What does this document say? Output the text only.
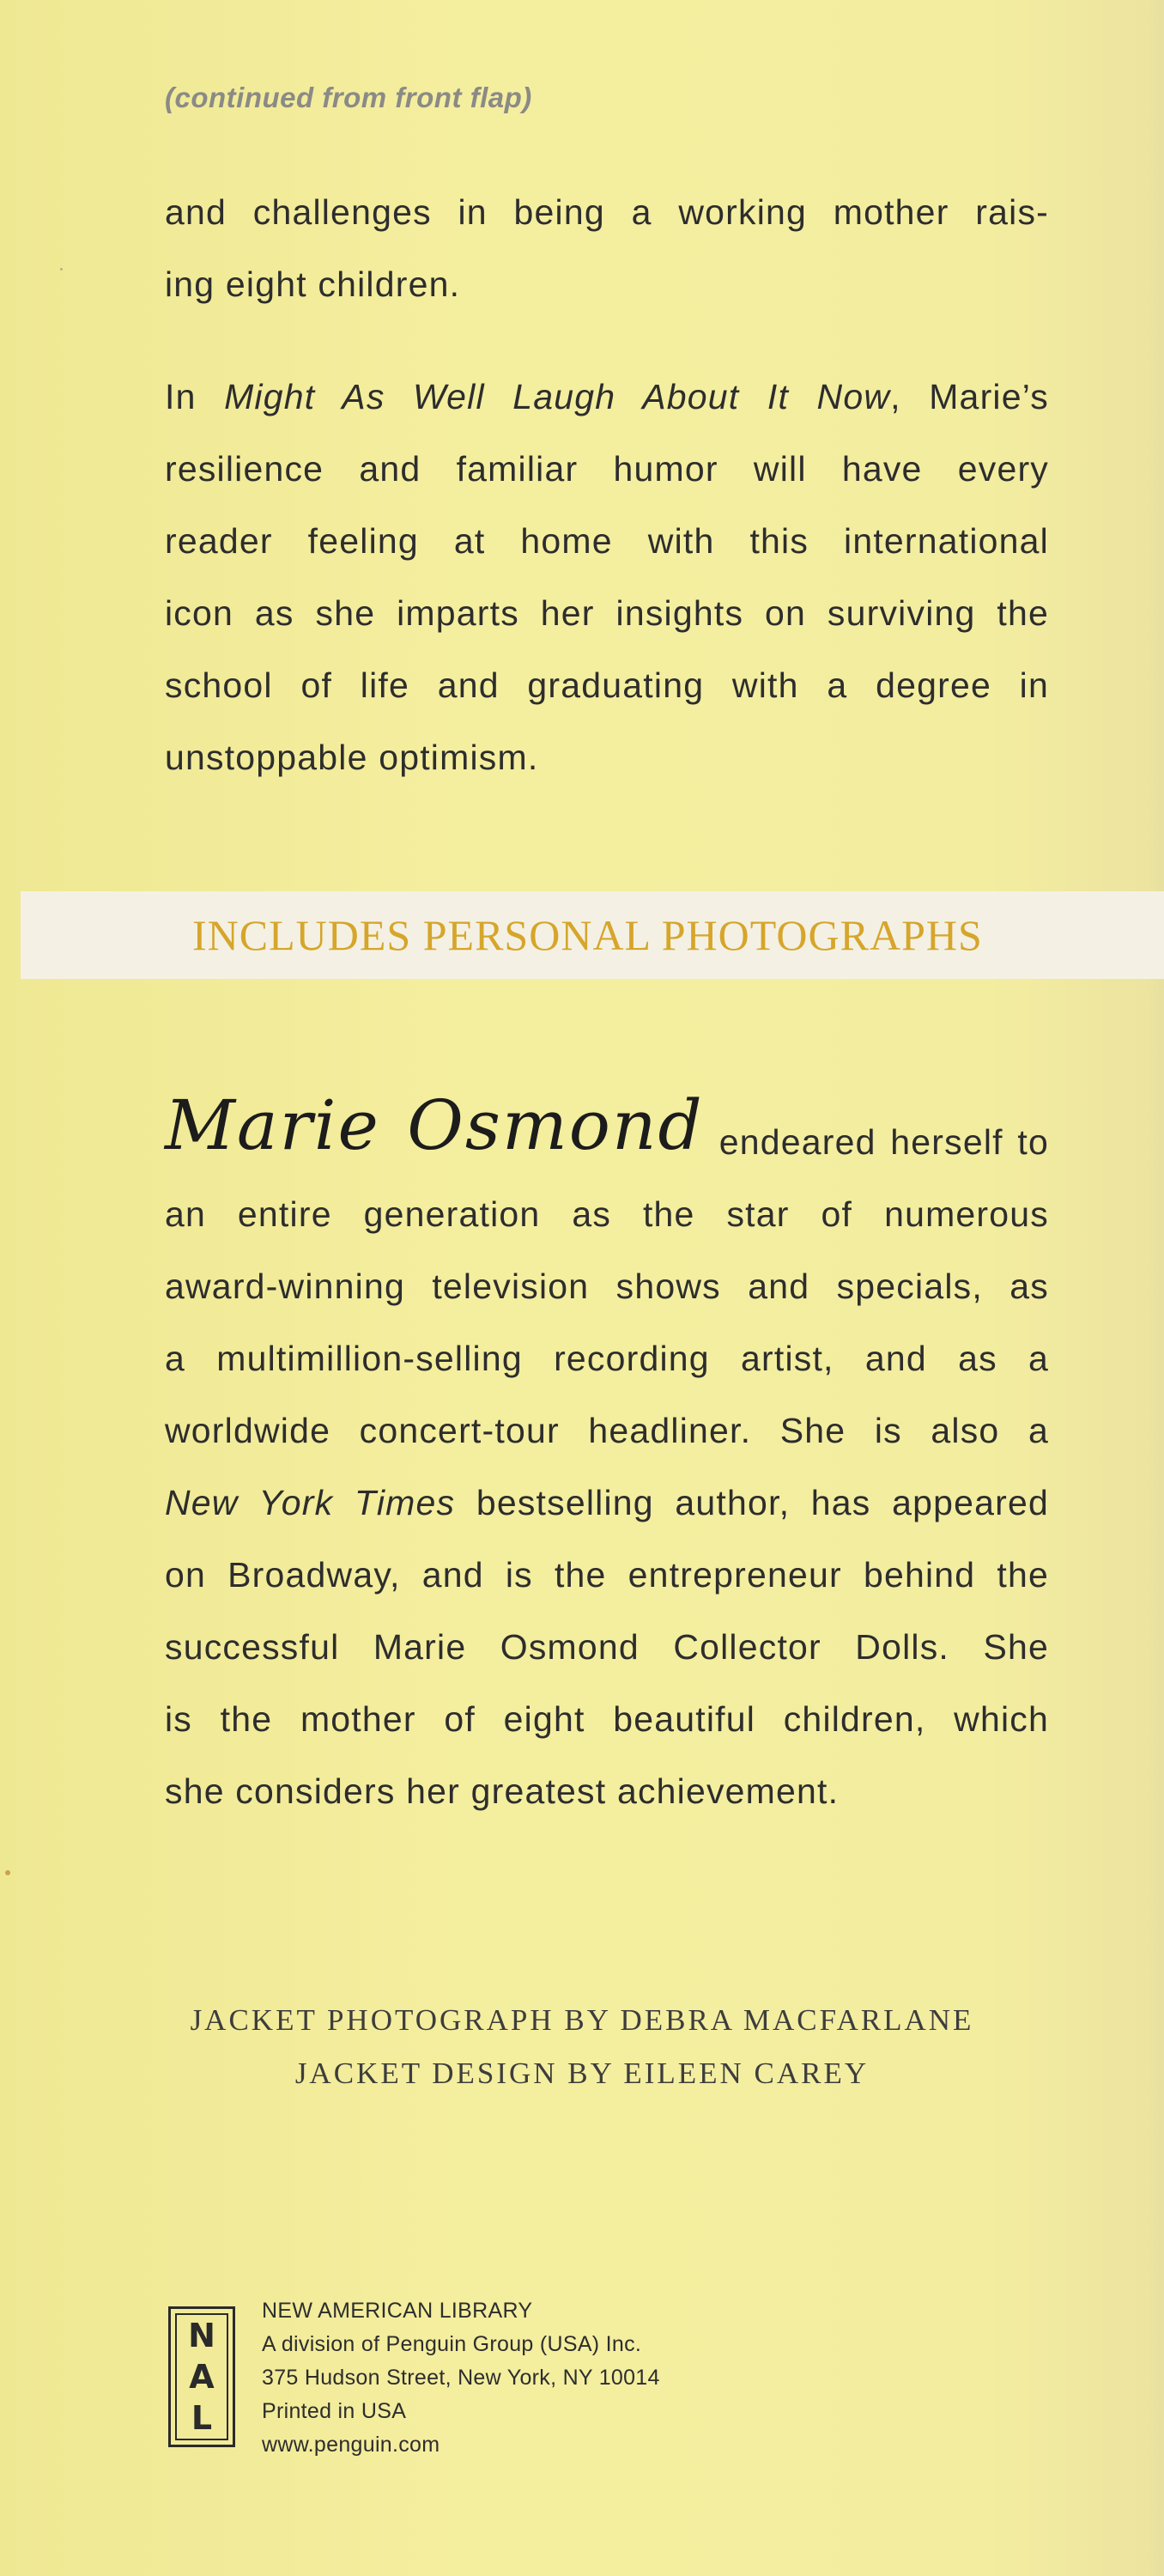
(continued from front flap)
and challenges in being a working mother rais-
ing eight children.
In Might As Well Laugh About It Now, Marie’s
resilience and familiar humor will have every
reader feeling at home with this international
icon as she imparts her insights on surviving the
school of life and graduating with a degree in
unstoppable optimism.
INCLUDES PERSONAL PHOTOGRAPHS
Marie Osmond endeared herself to
an entire generation as the star of numerous
award-winning television shows and specials, as
a multimillion-selling recording artist, and as a
worldwide concert-tour headliner. She is also a
New York Times bestselling author, has appeared
on Broadway, and is the entrepreneur behind the
successful Marie Osmond Collector Dolls. She
is the mother of eight beautiful children, which
she considers her greatest achievement.
JACKET PHOTOGRAPH BY DEBRA MACFARLANE
JACKET DESIGN BY EILEEN CAREY
N
A
L
NEW AMERICAN LIBRARY
A division of Penguin Group (USA) Inc.
375 Hudson Street, New York, NY 10014
Printed in USA
www.penguin.com
